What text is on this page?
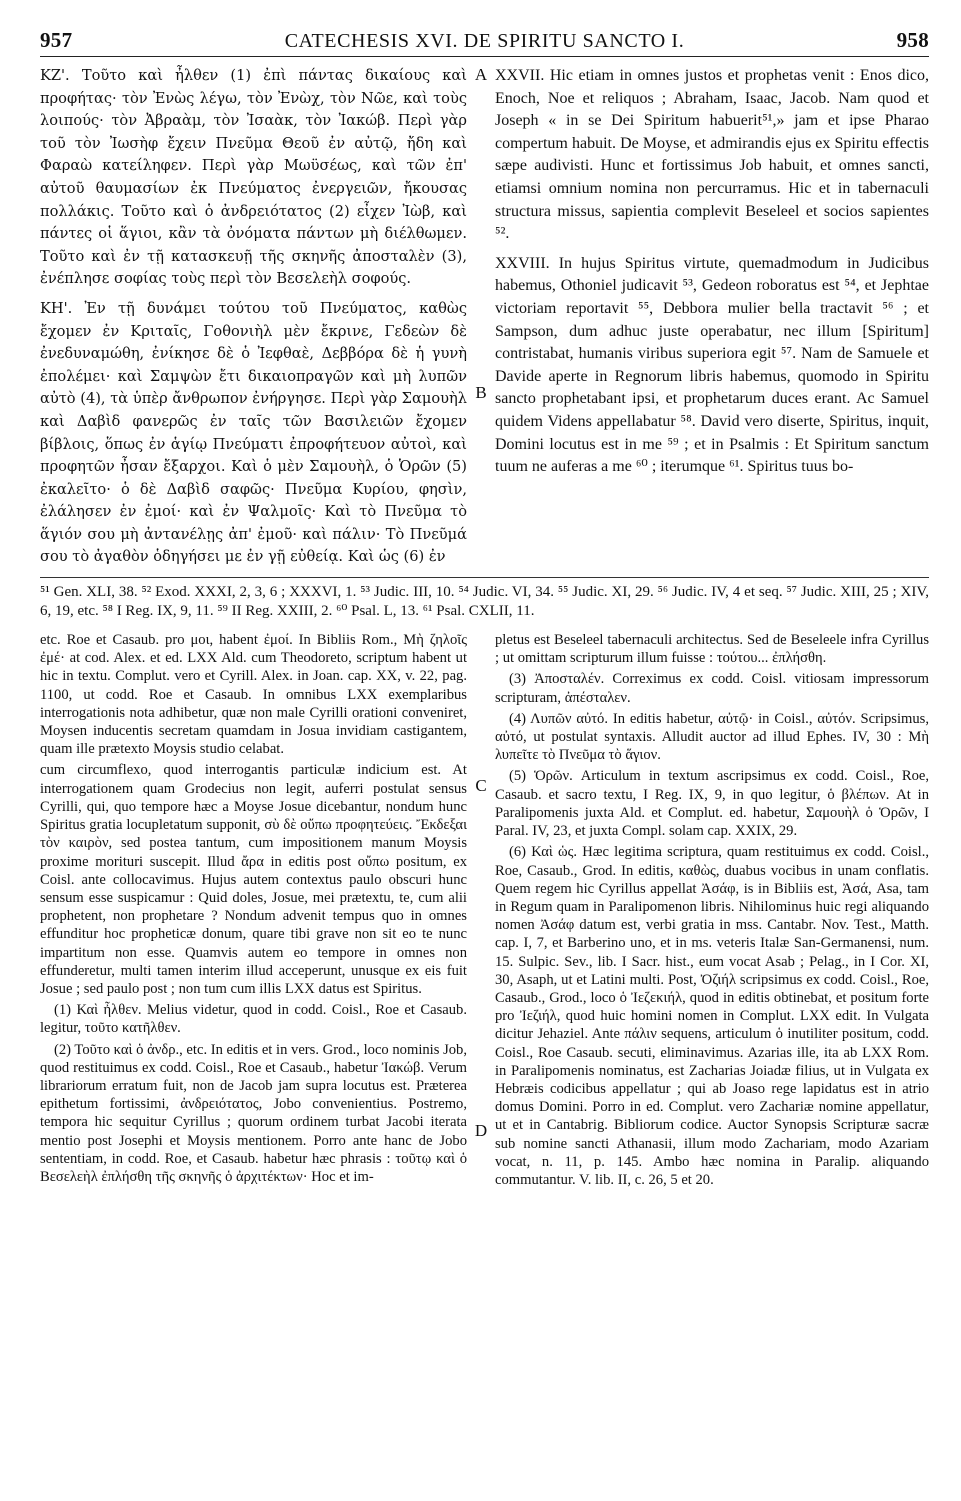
957	CATECHESIS XVI. DE SPIRITU SANCTO I.	958

ΚΖ'. Τοῦτο καὶ ἦλθεν (1) ἐπὶ πάντας δικαίους καὶ προφήτας· τὸν Ἐνὼς λέγω, τὸν Ἐνὼχ, τὸν Νῶε, καὶ τοὺς λοιπούς· τὸν Ἀβραὰμ, τὸν Ἰσαὰκ, τὸν Ἰακώβ. Περὶ γὰρ τοῦ τὸν Ἰωσὴφ ἔχειν Πνεῦμα Θεοῦ ἐν αὐτῷ, ἤδη καὶ Φαραὼ κατείληφεν. Περὶ γὰρ Μωϋσέως, καὶ τῶν ἐπ' αὐτοῦ θαυμασίων ἐκ Πνεύματος ἐνεργειῶν, ἤκουσας πολλάκις. Τοῦτο καὶ ὁ ἀνδρειότατος (2) εἶχεν Ἰὼβ, καὶ πάντες οἱ ἅγιοι, κἂν τὰ ὀνόματα πάντων μὴ διέλθωμεν. Τοῦτο καὶ ἐν τῇ κατασκευῇ τῆς σκηνῆς ἀποσταλὲν (3), ἐνέπλησε σοφίας τοὺς περὶ τὸν Βεσελεὴλ σοφούς.

ΚΗ'. Ἐν τῇ δυνάμει τούτου τοῦ Πνεύματος, καθὼς ἔχομεν ἐν Κριταῖς, Γοθονιὴλ μὲν ἔκρινε, Γεδεὼν δὲ ἐνεδυναμώθη, ἐνίκησε δὲ ὁ Ἰεφθαὲ, Δεββόρα δὲ ἡ γυνὴ ἐπολέμει· καὶ Σαμψὼν ἔτι δικαιοπραγῶν καὶ μὴ λυπῶν αὐτὸ (4), τὰ ὑπὲρ ἄνθρωπον ἐνήργησε. Περὶ γὰρ Σαμουὴλ καὶ Δαβὶδ φανερῶς ἐν ταῖς τῶν Βασιλειῶν ἔχομεν βίβλοις, ὅπως ἐν ἁγίῳ Πνεύματι ἐπροφήτευον αὐτοὶ, καὶ προφητῶν ἦσαν ἔξαρχοι. Καὶ ὁ μὲν Σαμουὴλ, ὁ Ὁρῶν (5) ἐκαλεῖτο· ὁ δὲ Δαβὶδ σαφῶς· Πνεῦμα Κυρίου, φησὶν, ἐλάλησεν ἐν ἐμοί· καὶ ἐν Ψαλμοῖς· Καὶ τὸ Πνεῦμα τὸ ἅγιόν σου μὴ ἀντανέλῃς ἀπ' ἐμοῦ· καὶ πάλιν· Τὸ Πνεῦμά σου τὸ ἀγαθὸν ὁδηγήσει με ἐν γῇ εὐθείᾳ. Καὶ ὡς (6) ἐν

A
B

XXVII. Hic etiam in omnes justos et prophetas venit : Enos dico, Enoch, Noe et reliquos ; Abraham, Isaac, Jacob. Nam quod et Joseph « in se Dei Spiritum habuerit⁵¹,» jam et ipse Pharao compertum habuit. De Moyse, et admirandis ejus ex Spiritu effectis sæpe audivisti. Hunc et fortissimus Job habuit, et omnes sancti, etiamsi omnium nomina non percurramus. Hic et in tabernaculi structura missus, sapientia complevit Beseleel et socios sapientes ⁵².

XXVIII. In hujus Spiritus virtute, quemadmodum in Judicibus habemus, Othoniel judicavit ⁵³, Gedeon roboratus est ⁵⁴, et Jephtae victoriam reportavit ⁵⁵, Debbora mulier bella tractavit ⁵⁶ ; et Sampson, dum adhuc juste operabatur, nec illum [Spiritum] contristabat, humanis viribus superiora egit ⁵⁷. Nam de Samuele et Davide aperte in Regnorum libris habemus, quomodo in Spiritu sancto prophetabant ipsi, et prophetarum duces erant. Ac Samuel quidem Videns appellabatur ⁵⁸. David vero diserte, Spiritus, inquit, Domini locutus est in me ⁵⁹ ; et in Psalmis : Et Spiritum sanctum tuum ne auferas a me ⁶⁰ ; iterumque ⁶¹. Spiritus tuus bo-

⁵¹ Gen. XLI, 38. ⁵² Exod. XXXI, 2, 3, 6 ; XXXVI, 1. ⁵³ Judic. III, 10. ⁵⁴ Judic. VI, 34. ⁵⁵ Judic. XI, 29. ⁵⁶ Judic. IV, 4 et seq. ⁵⁷ Judic. XIII, 25 ; XIV, 6, 19, etc. ⁵⁸ I Reg. IX, 9, 11. ⁵⁹ II Reg. XXIII, 2. ⁶⁰ Psal. L, 13. ⁶¹ Psal. CXLII, 11.

etc. Roe et Casaub. pro μοι, habent ἐμοί. In Bibliis Rom., Μὴ ζηλοῖς ἐμέ· at cod. Alex. et ed. LXX Ald. cum Theodoreto, scriptum habent ut hic in textu. Complut. vero et Cyrill. Alex. in Joan. cap. XX, v. 22, pag. 1100, ut codd. Roe et Casaub. In omnibus LXX exemplaribus interrogationis nota adhibetur, quæ non male Cyrilli orationi conveniret, Moysen inducentis secretam quamdam in Josua invidiam castigantem, quam ille prætexto Moysis studio celabat.

cum circumflexo, quod interrogantis particulæ indicium est. At interrogationem quam Grodecius non legit, auferri postulat sensus Cyrilli, qui, quo tempore hæc a Moyse Josue dicebantur, nondum hunc Spiritus gratia locupletatum supponit, σὺ δὲ οὔπω προφητεύεις. Ἔκδεξαι τὸν καιρὸν, sed postea tantum, cum impositionem manum Moysis proxime morituri suscepit. Illud ἄρα in editis post οὔπω positum, ex Coisl. ante collocavimus. Hujus autem contextus paulo obscuri hunc sensum esse suspicamur : Quid doles, Josue, mei prætextu, te, cum alii prophetent, non prophetare ? Nondum advenit tempus quo in omnes effunditur hoc propheticæ donum, quare tibi grave non sit eo te nunc impartitum non esse. Quamvis autem eo tempore in omnes non effunderetur, multi tamen interim illud acceperunt, unusque ex eis fuit Josue ; sed paulo post ; non tum cum illis LXX datus est Spiritus.

(1) Καὶ ἦλθεν. Melius videtur, quod in codd. Coisl., Roe et Casaub. legitur, τοῦτο κατῆλθεν.

(2) Τοῦτο καὶ ὁ ἀνδρ., etc. In editis et in vers. Grod., loco nominis Job, quod restituimus ex codd. Coisl., Roe et Casaub., habetur Ἰακώβ. Verum librariorum erratum fuit, non de Jacob jam supra locutus est. Præterea epithetum fortissimi, ἀνδρειότατος, Jobo convenientius. Postremo, tempora hic sequitur Cyrillus ; quorum ordinem turbat Jacobi iterata mentio post Josephi et Moysis mentionem. Porro ante hanc de Jobo sententiam, in codd. Roe, et Casaub. habetur hæc phrasis : τοῦτῳ καὶ ὁ Βεσελεὴλ ἐπλήσθη τῆς σκηνῆς ὁ ἀρχιτέκτων· Hoc et im-

C
D

pletus est Beseleel tabernaculi architectus. Sed de Beseleele infra Cyrillus ; ut omittam scripturum illum fuisse : τούτου... ἐπλήσθη.

(3) Ἀποσταλέν. Correximus ex codd. Coisl. vitiosam impressorum scripturam, ἀπέσταλεν.

(4) Λυπῶν αὐτό. In editis habetur, αὐτῷ· in Coisl., αὐτόν. Scripsimus, αὐτό, ut postulat syntaxis. Alludit auctor ad illud Ephes. IV, 30 : Μὴ λυπεῖτε τὸ Πνεῦμα τὸ ἅγιον.

(5) Ὁρῶν. Articulum in textum ascripsimus ex codd. Coisl., Roe, Casaub. et sacro textu, I Reg. IX, 9, in quo legitur, ὁ βλέπων. At in Paralipomenis juxta Ald. et Complut. ed. habetur, Σαμουὴλ ὁ Ὁρῶν, I Paral. IV, 23, et juxta Compl. solam cap. XXIX, 29.

(6) Καὶ ὡς. Hæc legitima scriptura, quam restituimus ex codd. Coisl., Roe, Casaub., Grod. In editis, καθὼς, duabus vocibus in unam conflatis. Quem regem hic Cyrillus appellat Ἀσάφ, is in Bibliis est, Ἀσά, Asa, tam in Regum quam in Paralipomenon libris. Nihilominus huic regi aliquando nomen Ἀσάφ datum est, verbi gratia in mss. Cantabr. Nov. Test., Matth. cap. I, 7, et Barberino uno, et in ms. veteris Italæ San-Germanensi, num. 15. Sulpic. Sev., lib. I Sacr. hist., eum vocat Asab ; Pelag., in I Cor. XI, 30, Asaph, ut et Latini multi. Post, Ὀζιήλ scripsimus ex codd. Coisl., Roe, Casaub., Grod., loco ὁ Ἰεζεκιήλ, quod in editis obtinebat, et positum forte pro Ἰεζιήλ, quod huic homini nomen in Complut. LXX edit. In Vulgata dicitur Jehaziel. Ante πάλιν sequens, articulum ὁ inutiliter positum, codd. Coisl., Roe Casaub. secuti, eliminavimus. Azarias ille, ita ab LXX Rom. in Paralipomenis nominatus, est Zacharias Joiadæ filius, ut in Vulgata ex Hebræis codicibus appellatur ; qui ab Joaso rege lapidatus est in atrio domus Domini. Porro in ed. Complut. vero Zachariæ nomine appellatur, ut et in Cantabrig. Bibliorum codice. Auctor Synopsis Scripturæ sacræ sub nomine sancti Athanasii, illum modo Zachariam, modo Azariam vocat, n. 11, p. 145. Ambo hæc nomina in Paralip. aliquando commutantur. V. lib. II, c. 26, 5 et 20.
